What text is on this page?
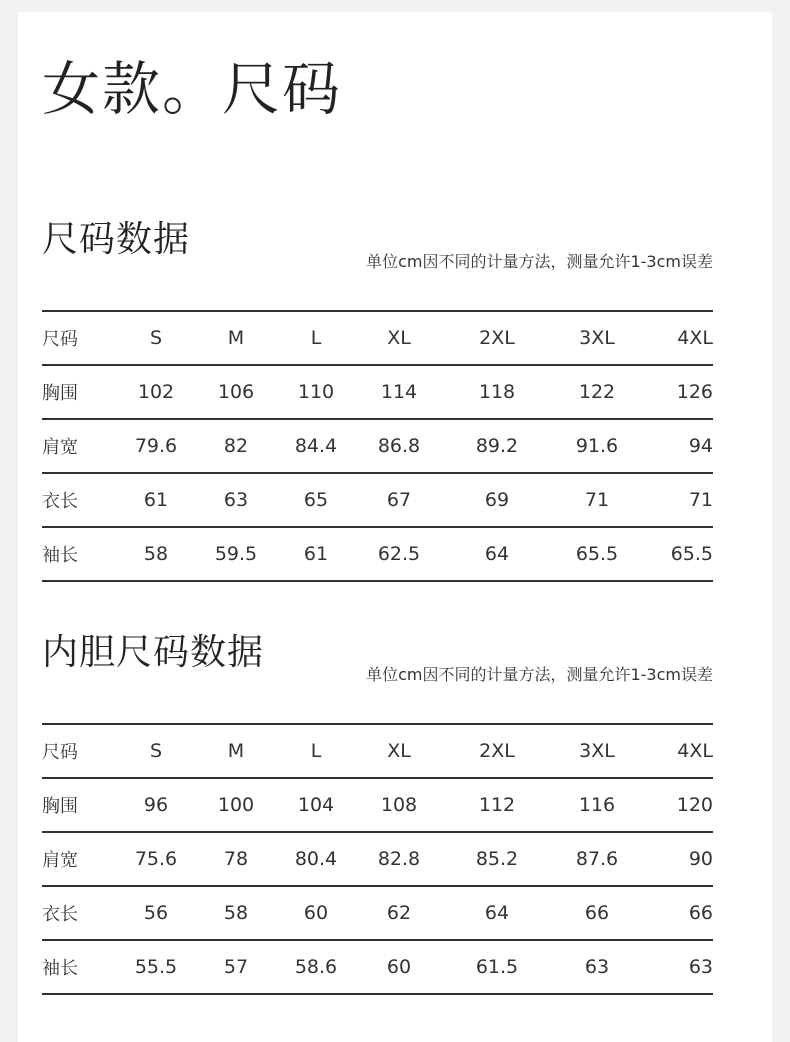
女款。尺码
尺码数据
单位cm因不同的计量方法，测量允许1-3cm误差
尺码	S	M	L	XL	2XL	3XL	4XL
胸围	102	106	110	114	118	122	126
肩宽	79.6	82	84.4	86.8	89.2	91.6	94
衣长	61	63	65	67	69	71	71
袖长	58	59.5	61	62.5	64	65.5	65.5
内胆尺码数据
单位cm因不同的计量方法，测量允许1-3cm误差
尺码	S	M	L	XL	2XL	3XL	4XL
胸围	96	100	104	108	112	116	120
肩宽	75.6	78	80.4	82.8	85.2	87.6	90
衣长	56	58	60	62	64	66	66
袖长	55.5	57	58.6	60	61.5	63	63
